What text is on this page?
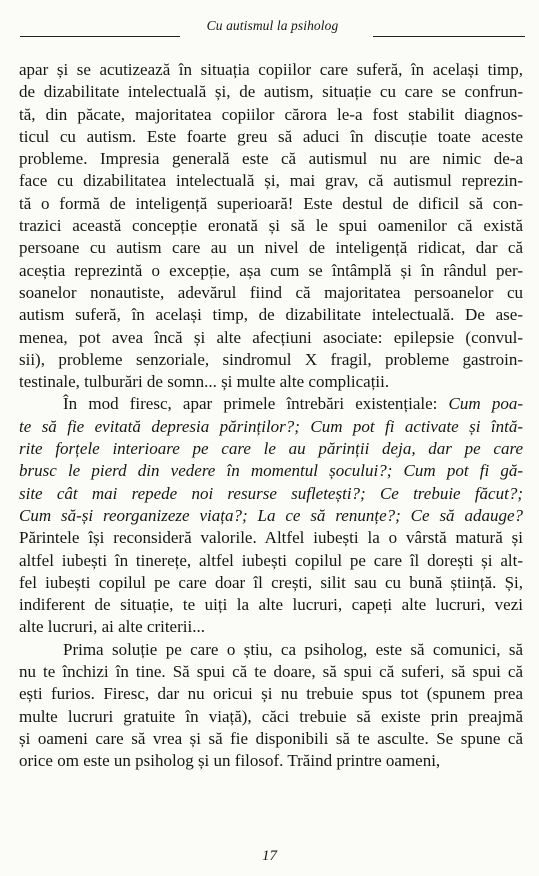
Cu autismul la psiholog
apar și se acutizează în situația copiilor care suferă, în același timp,
de dizabilitate intelectuală și, de autism, situație cu care se confrun-
tă, din păcate, majoritatea copiilor cărora le-a fost stabilit diagnos-
ticul cu autism. Este foarte greu să aduci în discuție toate aceste
probleme. Impresia generală este că autismul nu are nimic de-a
face cu dizabilitatea intelectuală și, mai grav, că autismul reprezin-
tă o formă de inteligență superioară! Este destul de dificil să con-
trazici această concepție eronată și să le spui oamenilor că există
persoane cu autism care au un nivel de inteligență ridicat, dar că
aceștia reprezintă o excepție, așa cum se întâmplă și în rândul per-
soanelor nonautiste, adevărul fiind că majoritatea persoanelor cu
autism suferă, în același timp, de dizabilitate intelectuală. De ase-
menea, pot avea încă și alte afecțiuni asociate: epilepsie (convul-
sii), probleme senzoriale, sindromul X fragil, probleme gastroin-
testinale, tulburări de somn... și multe alte complicații.
În mod firesc, apar primele întrebări existențiale: Cum poa-
te să fie evitată depresia părinților?; Cum pot fi activate și întă-
rite forțele interioare pe care le au părinții deja, dar pe care
brusc le pierd din vedere în momentul șocului?; Cum pot fi gă-
site cât mai repede noi resurse sufletești?; Ce trebuie făcut?;
Cum să-și reorganizeze viața?; La ce să renunțe?; Ce să adauge?
Părintele își reconsideră valorile. Altfel iubești la o vârstă matură și
altfel iubești în tinerețe, altfel iubești copilul pe care îl dorești și alt-
fel iubești copilul pe care doar îl crești, silit sau cu bună știință. Și,
indiferent de situație, te uiți la alte lucruri, capeți alte lucruri, vezi
alte lucruri, ai alte criterii...
Prima soluție pe care o știu, ca psiholog, este să comunici, să
nu te închizi în tine. Să spui că te doare, să spui că suferi, să spui că
ești furios. Firesc, dar nu oricui și nu trebuie spus tot (spunem prea
multe lucruri gratuite în viață), căci trebuie să existe prin preajmă
și oameni care să vrea și să fie disponibili să te asculte. Se spune că
orice om este un psiholog și un filosof. Trăind printre oameni,
17
